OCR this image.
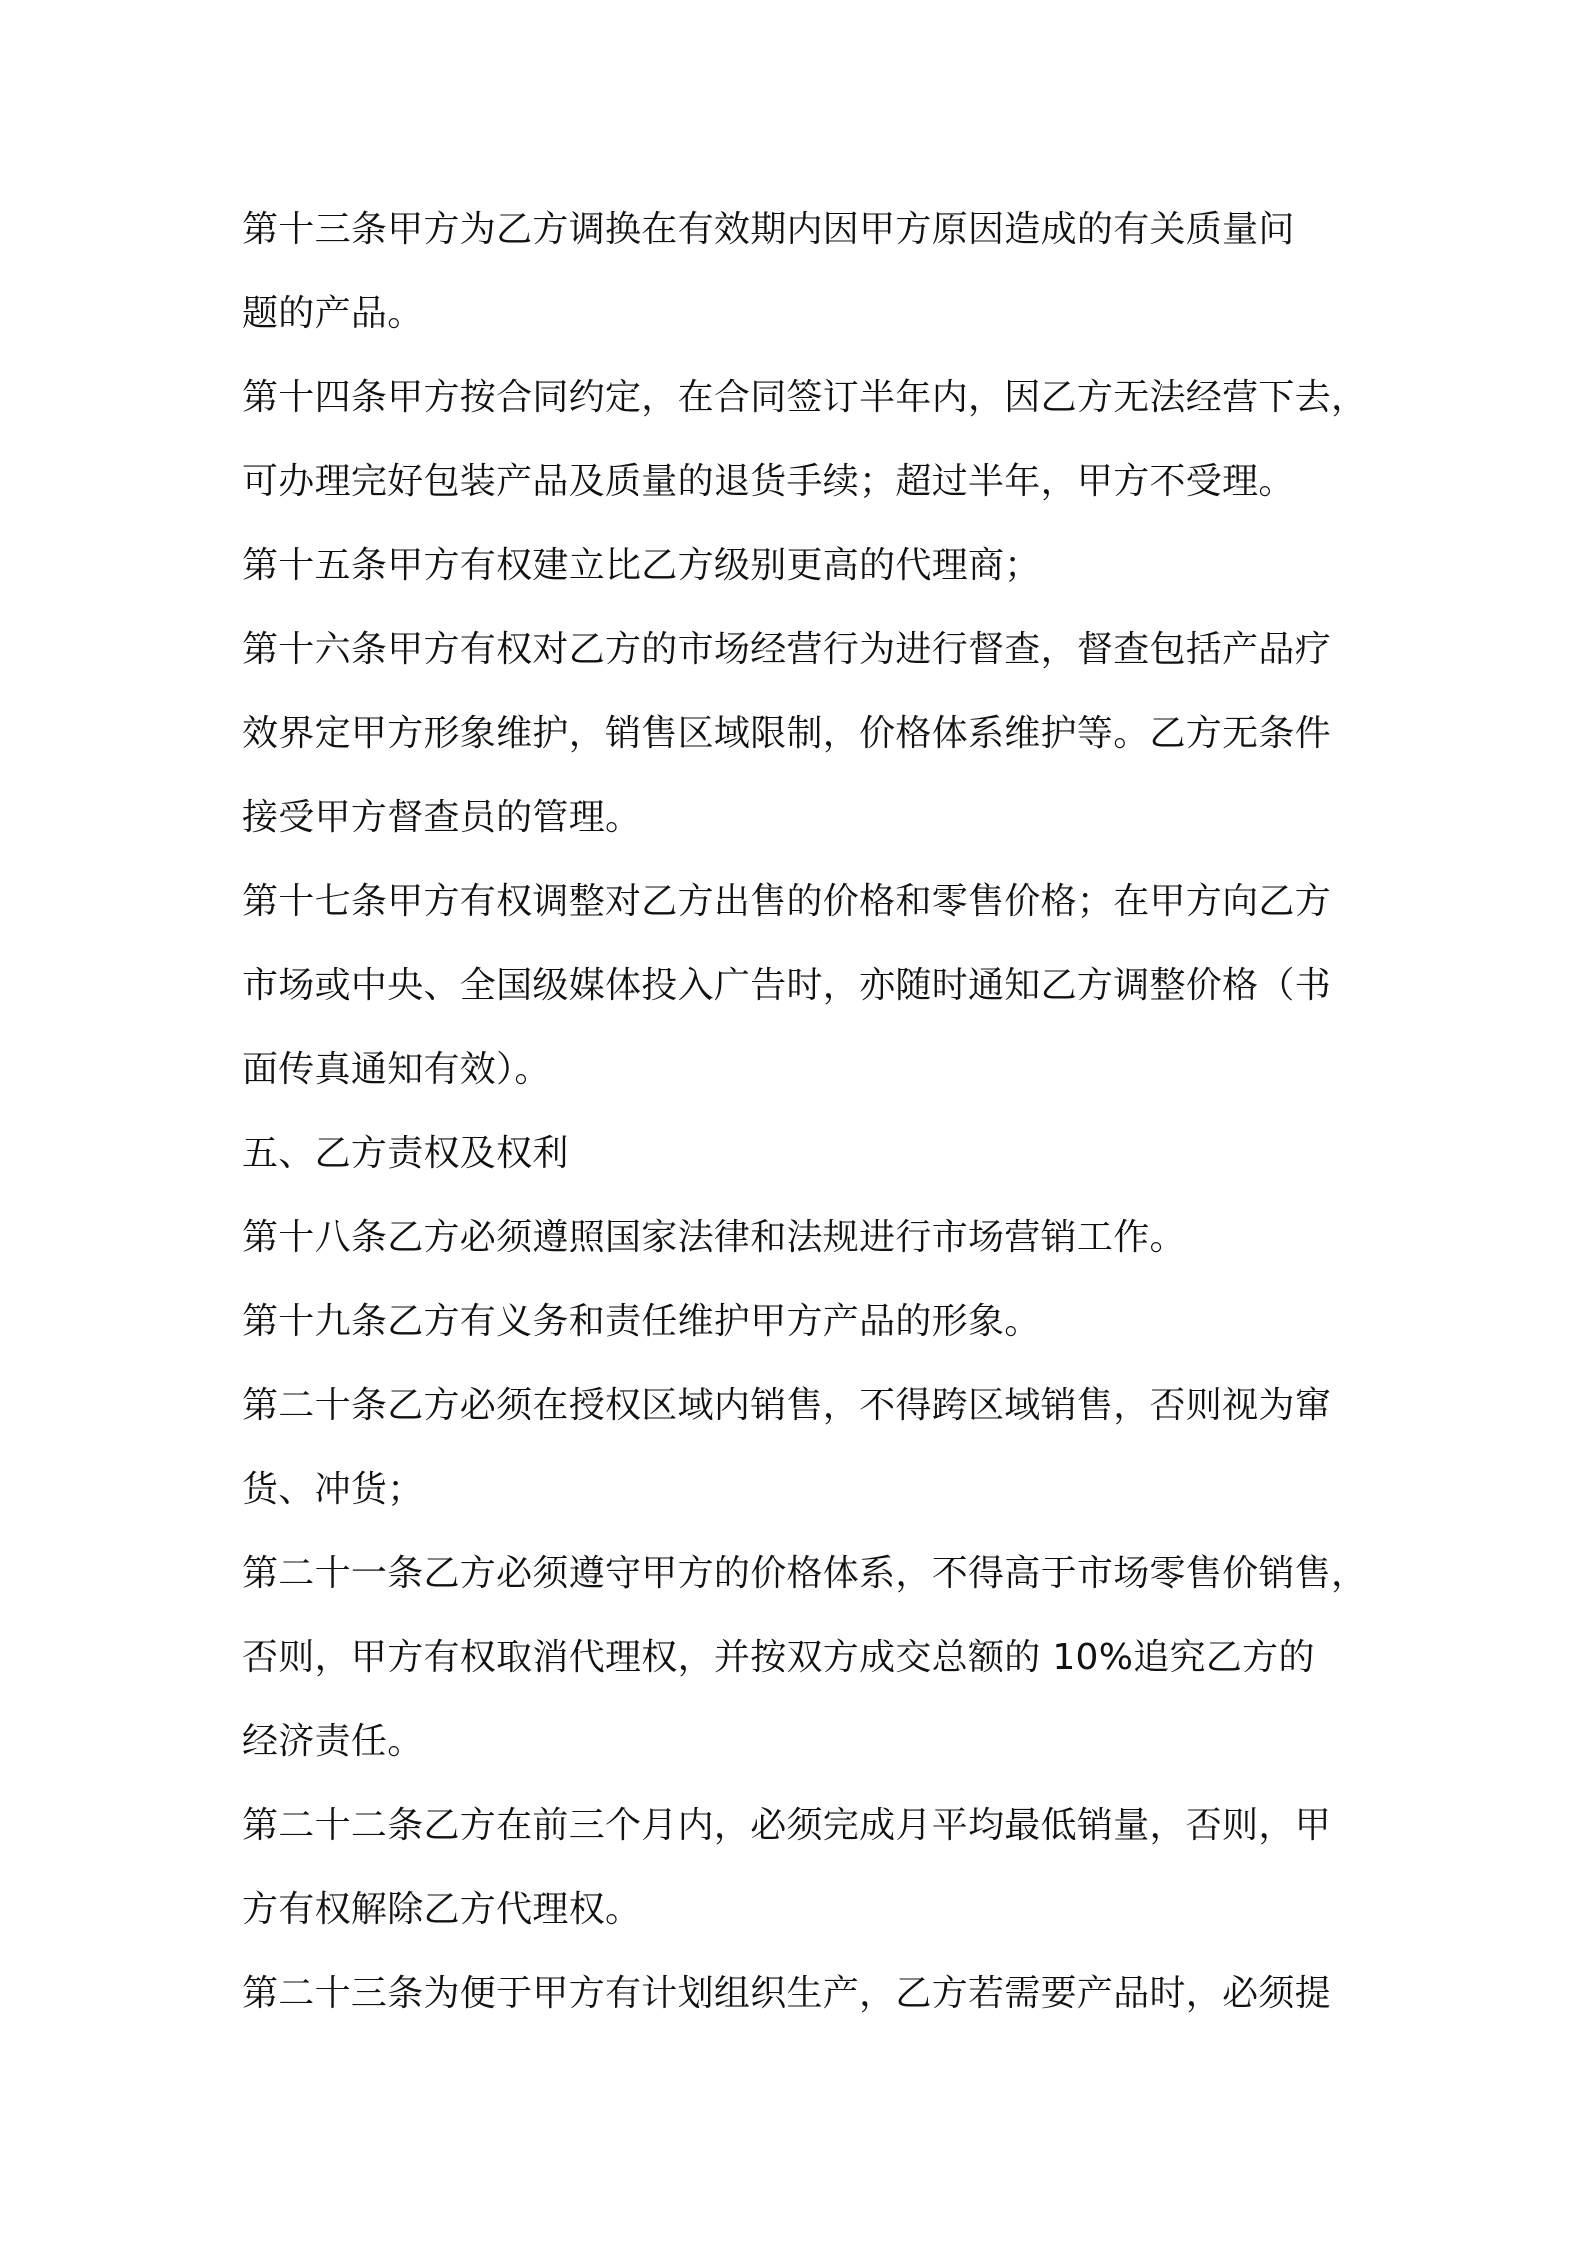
第十三条甲方为乙方调换在有效期内因甲方原因造成的有关质量问
题的产品。

第十四条甲方按合同约定，在合同签订半年内，因乙方无法经营下去，
可办理完好包装产品及质量的退货手续；超过半年，甲方不受理。

第十五条甲方有权建立比乙方级别更高的代理商；

第十六条甲方有权对乙方的市场经营行为进行督查，督查包括产品疗
效界定甲方形象维护，销售区域限制，价格体系维护等。乙方无条件
接受甲方督查员的管理。

第十七条甲方有权调整对乙方出售的价格和零售价格；在甲方向乙方
市场或中央、全国级媒体投入广告时，亦随时通知乙方调整价格（书
面传真通知有效）。

五、乙方责权及权利

第十八条乙方必须遵照国家法律和法规进行市场营销工作。

第十九条乙方有义务和责任维护甲方产品的形象。

第二十条乙方必须在授权区域内销售，不得跨区域销售，否则视为窜
货、冲货；

第二十一条乙方必须遵守甲方的价格体系，不得高于市场零售价销售，
否则，甲方有权取消代理权，并按双方成交总额的 10%追究乙方的
经济责任。

第二十二条乙方在前三个月内，必须完成月平均最低销量，否则，甲
方有权解除乙方代理权。

第二十三条为便于甲方有计划组织生产，乙方若需要产品时，必须提
